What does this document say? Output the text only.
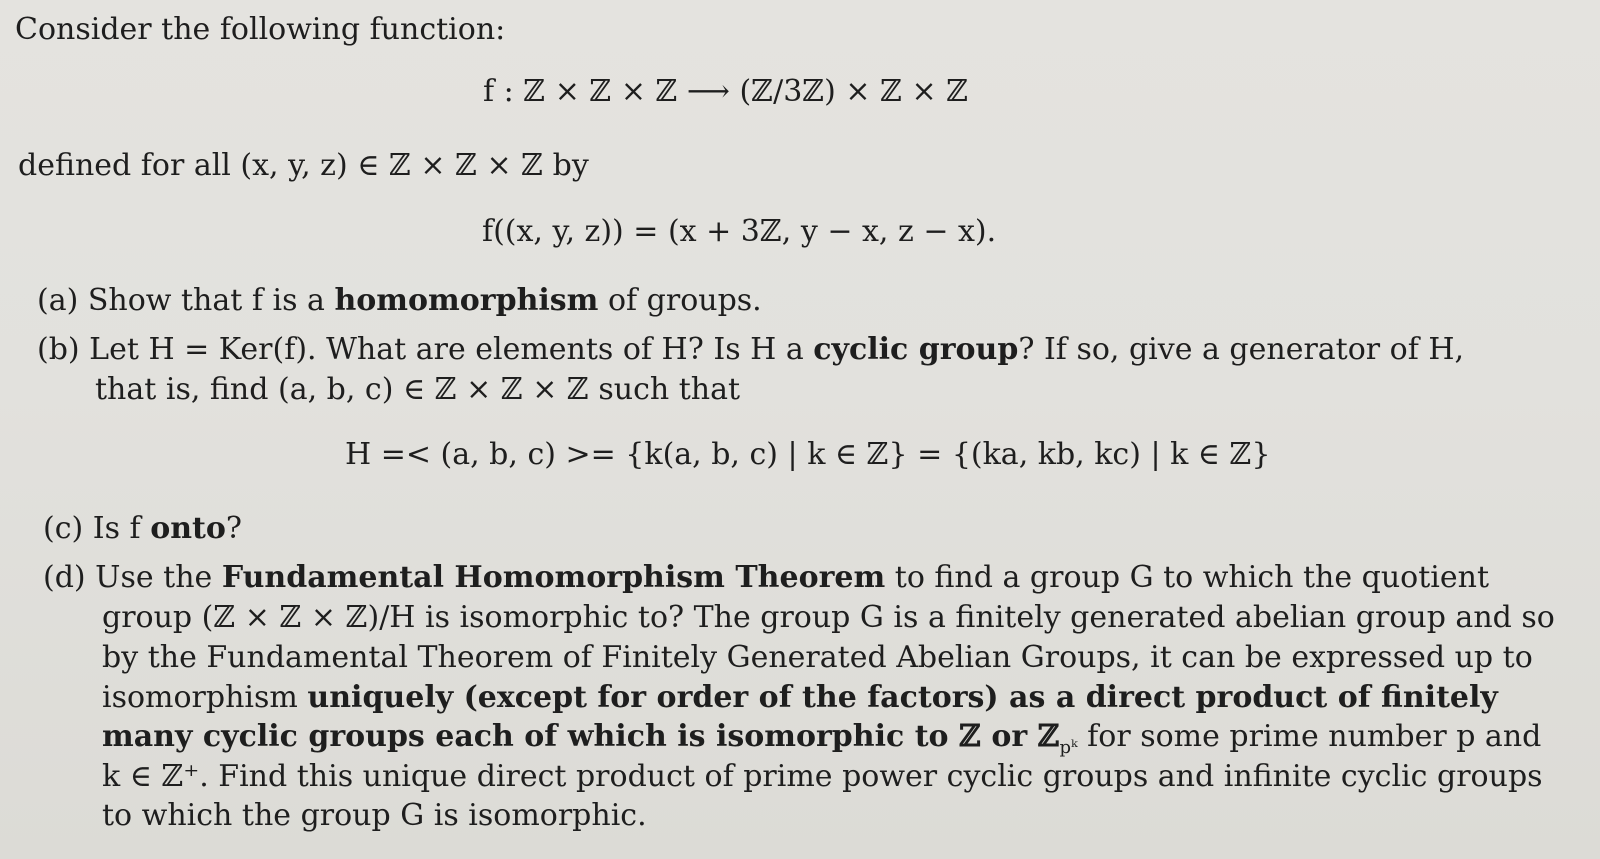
Consider the following function:
f : ℤ × ℤ × ℤ ⟶ (ℤ/3ℤ) × ℤ × ℤ
defined for all (x, y, z) ∈ ℤ × ℤ × ℤ by
f((x, y, z)) = (x + 3ℤ, y − x, z − x).
(a) Show that f is a homomorphism of groups.
(b) Let H = Ker(f). What are elements of H? Is H a cyclic group? If so, give a generator of H,
that is, find (a, b, c) ∈ ℤ × ℤ × ℤ such that
H =< (a, b, c) >= {k(a, b, c) | k ∈ ℤ} = {(ka, kb, kc) | k ∈ ℤ}
(c) Is f onto?
(d) Use the Fundamental Homomorphism Theorem to find a group G to which the quotient
group (ℤ × ℤ × ℤ)/H is isomorphic to? The group G is a finitely generated abelian group and so
by the Fundamental Theorem of Finitely Generated Abelian Groups, it can be expressed up to
isomorphism uniquely (except for order of the factors) as a direct product of finitely
many cyclic groups each of which is isomorphic to ℤ or ℤ$_{pᵏ}$ for some prime number p and
k ∈ ℤ⁺. Find this unique direct product of prime power cyclic groups and infinite cyclic groups
to which the group G is isomorphic.
